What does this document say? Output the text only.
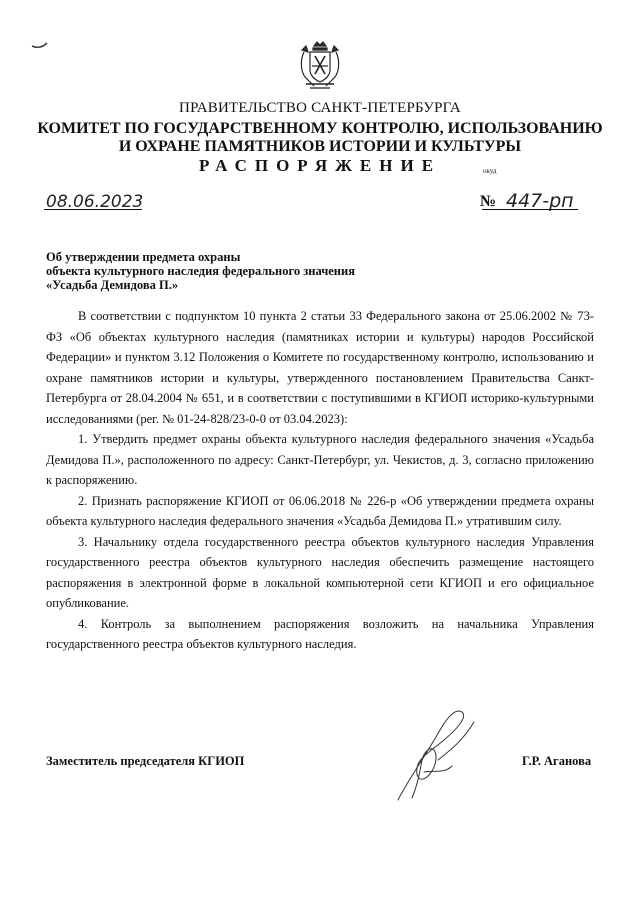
ПРАВИТЕЛЬСТВО САНКТ-ПЕТЕРБУРГА
КОМИТЕТ ПО ГОСУДАРСТВЕННОМУ КОНТРОЛЮ, ИСПОЛЬЗОВАНИЮ
И ОХРАНЕ ПАМЯТНИКОВ ИСТОРИИ И КУЛЬТУРЫ
РАСПОРЯЖЕНИЕ	окуд
08.06.2023	№ 447-рп
Об утверждении предмета охраны
объекта культурного наследия федерального значения
«Усадьба Демидова П.»

В соответствии с подпунктом 10 пункта 2 статьи 33 Федерального закона от 25.06.2002 № 73-ФЗ «Об объектах культурного наследия (памятниках истории и культуры) народов Российской Федерации» и пунктом 3.12 Положения о Комитете по государственному контролю, использованию и охране памятников истории и культуры, утвержденного постановлением Правительства Санкт-Петербурга от 28.04.2004 № 651, и в соответствии с поступившими в КГИОП историко-культурными исследованиями (рег. № 01-24-828/23-0-0 от 03.04.2023):

1. Утвердить предмет охраны объекта культурного наследия федерального значения «Усадьба Демидова П.», расположенного по адресу: Санкт-Петербург, ул. Чекистов, д. 3, согласно приложению к распоряжению.

2. Признать распоряжение КГИОП от 06.06.2018 № 226-р «Об утверждении предмета охраны объекта культурного наследия федерального значения «Усадьба Демидова П.» утратившим силу.

3. Начальнику отдела государственного реестра объектов культурного наследия Управления государственного реестра объектов культурного наследия обеспечить размещение настоящего распоряжения в электронной форме в локальной компьютерной сети КГИОП и его официальное опубликование.

4. Контроль за выполнением распоряжения возложить на начальника Управления государственного реестра объектов культурного наследия.

Заместитель председателя КГИОП	Г.Р. Аганова
